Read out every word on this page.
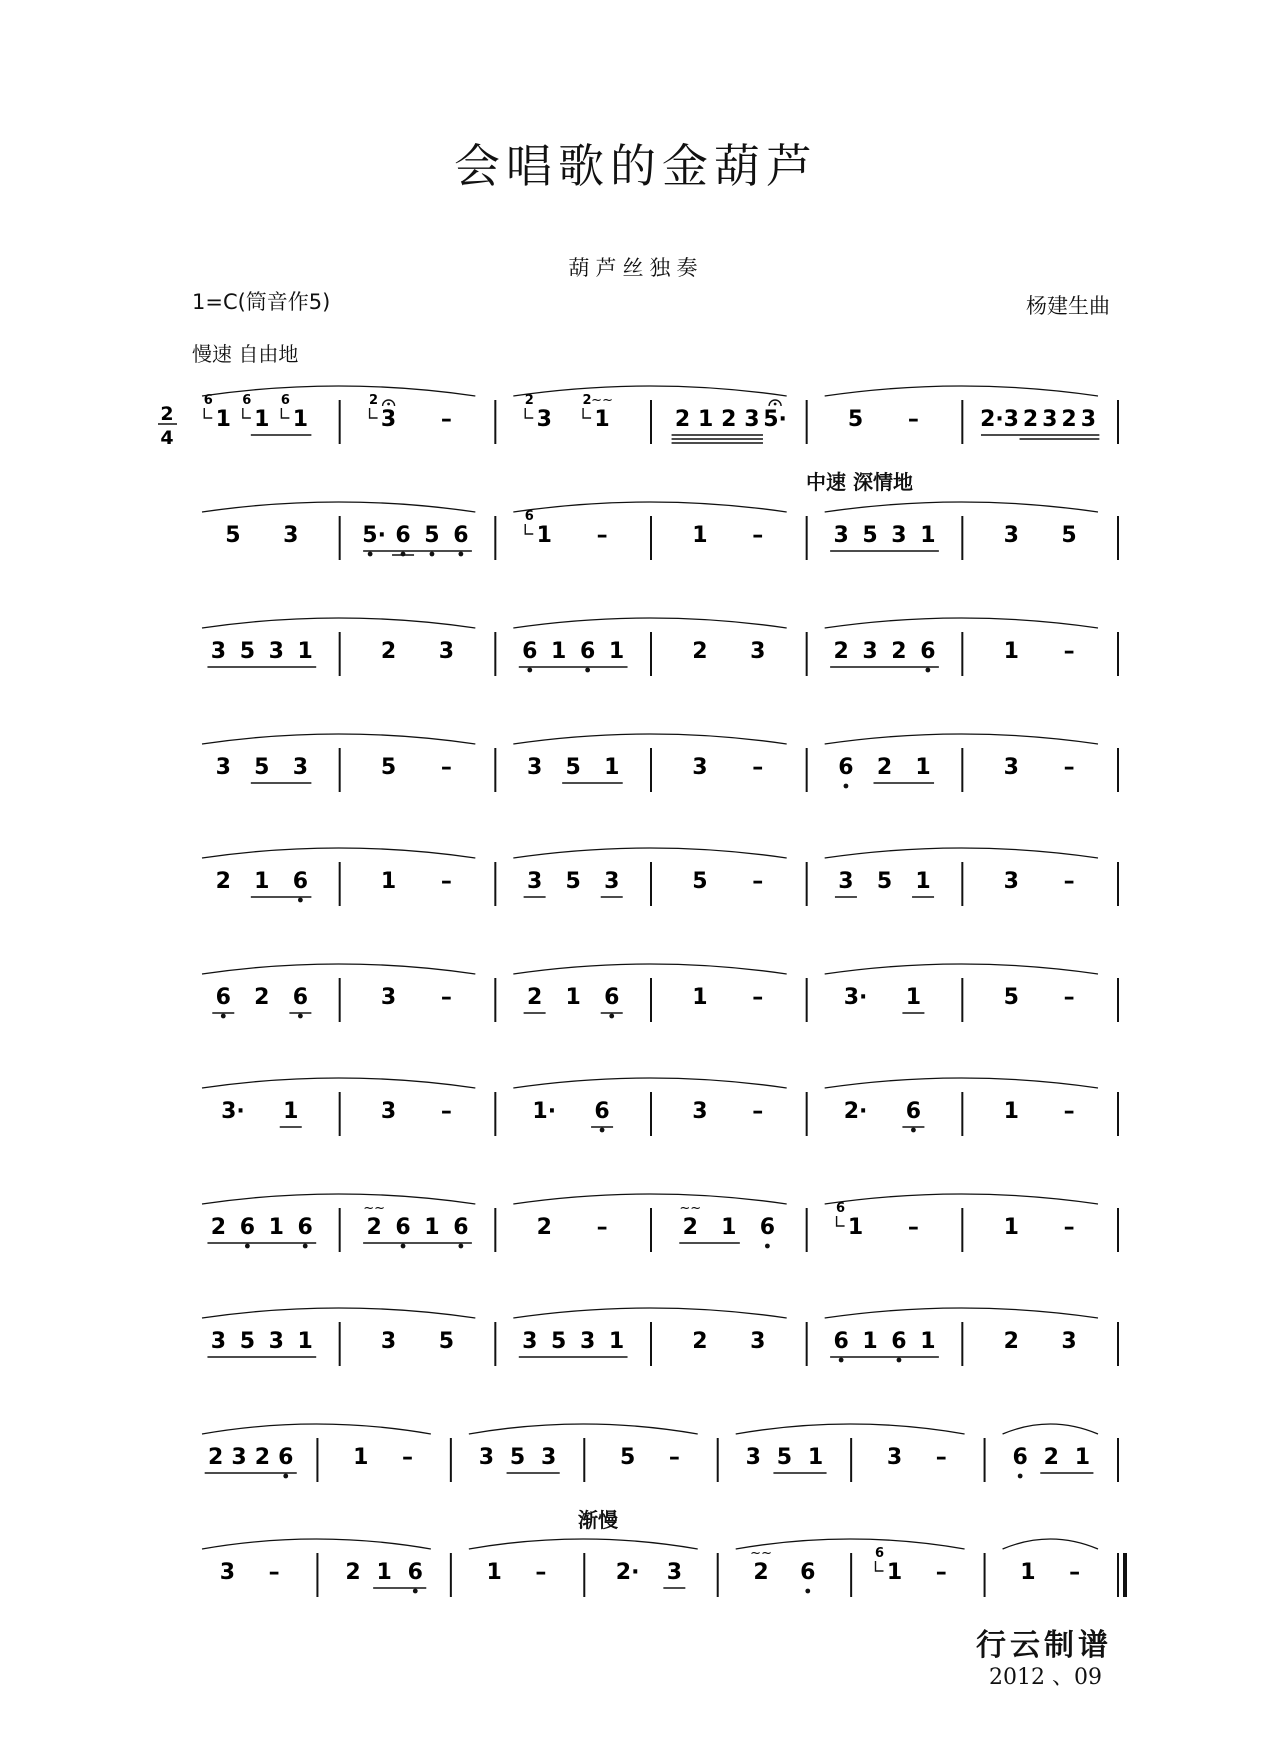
会唱歌的金葫芦
葫芦丝独奏
1=C(筒音作5)	杨建生曲
慢速 自由地
中速 深情地
渐慢
2
4
1
6
1
6
1
6
3
2
–	3
2
1
2 ~~
2 1 2 3 5·	5 –	2· 3 2 3 2 3
5 3	5· 6 5 6	1
6
–	1 –	3 5 3 1	3 5
3 5 3 1	2 3	6 1 6 1	2 3	2 3 2 6	1 –
3 5 3	5 –	3 5 1	3 –	6 2 1	3 –
2 1 6	1 –	3 5 3	5 –	3 5 1	3 –
6 2 6	3 –	2 1 6	1 –	3· 1	5 –
3· 1	3 –	1· 6	3 –	2· 6	1 –
2 6 1 6 2
~~
6 1 6	2 –	2
~~
1 6	1
6
–	1 –
3 5 3 1	3 5	3 5 3 1	2 3	6 1 6 1	2 3
2 3 2 6	1 –	3 5 3	5 –	3 5 1	3 –	6 2 1
3 –	2 1 6	1 –	2· 3	2
~~
6	1
6
–	1 –
行云制谱
2012 、09
